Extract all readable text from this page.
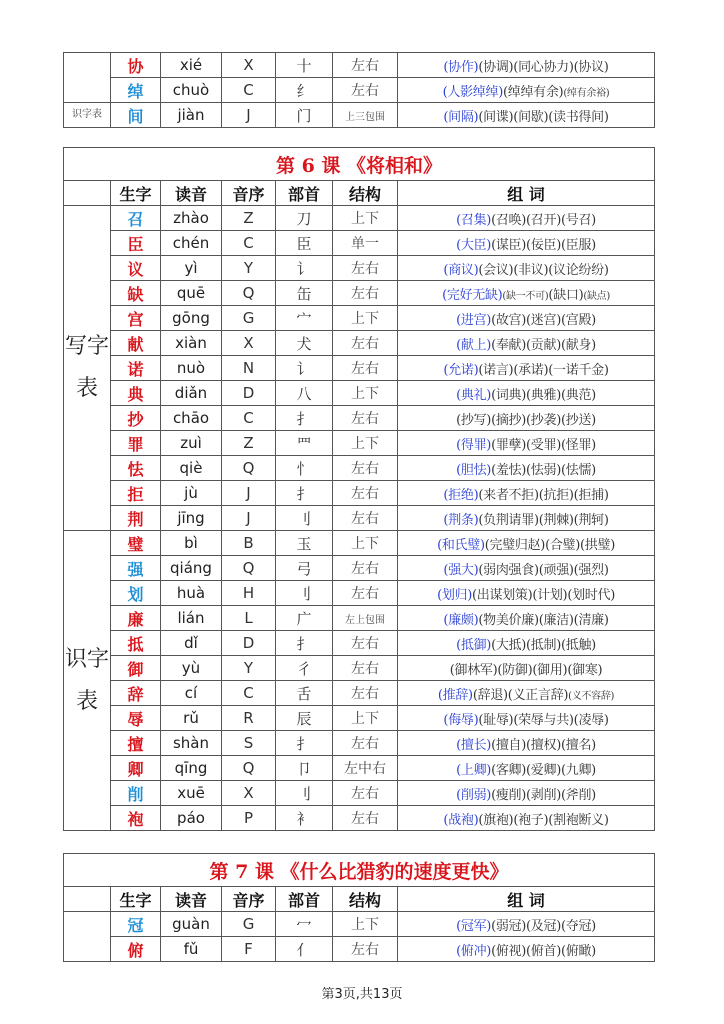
	协	xié	X	十	左右	(协作)(协调)(同心协力)(协议)
	绰	chuò	C	纟	左右	(人影绰绰)(绰绰有余)(绰有余裕)
识字表	间	jiàn	J	门	上三包围	(间隔)(间谍)(间歇)(读书得间)
第 6 课 《将相和》						
	生字	读音	音序	部首	结构	组 词
写字表	召	zhào	Z	刀	上下	(召集)(召唤)(召开)(号召)
	臣	chén	C	臣	单一	(大臣)(谋臣)(佞臣)(臣服)
	议	yì	Y	讠	左右	(商议)(会议)(非议)(议论纷纷)
	缺	quē	Q	缶	左右	(完好无缺)(缺一不可)(缺口)(缺点)
	宫	gōng	G	宀	上下	(进宫)(故宫)(迷宫)(宫殿)
	献	xiàn	X	犬	左右	(献上)(奉献)(贡献)(献身)
	诺	nuò	N	讠	左右	(允诺)(诺言)(承诺)(一诺千金)
	典	diǎn	D	八	上下	(典礼)(词典)(典雅)(典范)
	抄	chāo	C	扌	左右	(抄写)(摘抄)(抄袭)(抄送)
	罪	zuì	Z	罒	上下	(得罪)(罪孽)(受罪)(怪罪)
	怯	qiè	Q	忄	左右	(胆怯)(羞怯)(怯弱)(怯懦)
	拒	jù	J	扌	左右	(拒绝)(来者不拒)(抗拒)(拒捕)
	荆	jīng	J	刂	左右	(荆条)(负荆请罪)(荆棘)(荆轲)
识字表	璧	bì	B	玉	上下	(和氏璧)(完璧归赵)(合璧)(拱璧)
	强	qiáng	Q	弓	左右	(强大)(弱肉强食)(顽强)(强烈)
	划	huà	H	刂	左右	(划归)(出谋划策)(计划)(划时代)
	廉	lián	L	广	左上包围	(廉颇)(物美价廉)(廉洁)(清廉)
	抵	dǐ	D	扌	左右	(抵御)(大抵)(抵制)(抵触)
	御	yù	Y	彳	左右	(御林军)(防御)(御用)(御寒)
	辞	cí	C	舌	左右	(推辞)(辞退)(义正言辞)(义不容辞)
	辱	rǔ	R	辰	上下	(侮辱)(耻辱)(荣辱与共)(凌辱)
	擅	shàn	S	扌	左右	(擅长)(擅自)(擅权)(擅名)
	卿	qīng	Q	卩	左中右	(上卿)(客卿)(爱卿)(九卿)
	削	xuē	X	刂	左右	(削弱)(瘦削)(剥削)(斧削)
	袍	páo	P	衤	左右	(战袍)(旗袍)(袍子)(割袍断义)
第 7 课 《什么比猎豹的速度更快》						
	生字	读音	音序	部首	结构	组 词
	冠	guàn	G	冖	上下	(冠军)(弱冠)(及冠)(夺冠)
	俯	fǔ	F	亻	左右	(俯冲)(俯视)(俯首)(俯瞰)
第3页,共13页
